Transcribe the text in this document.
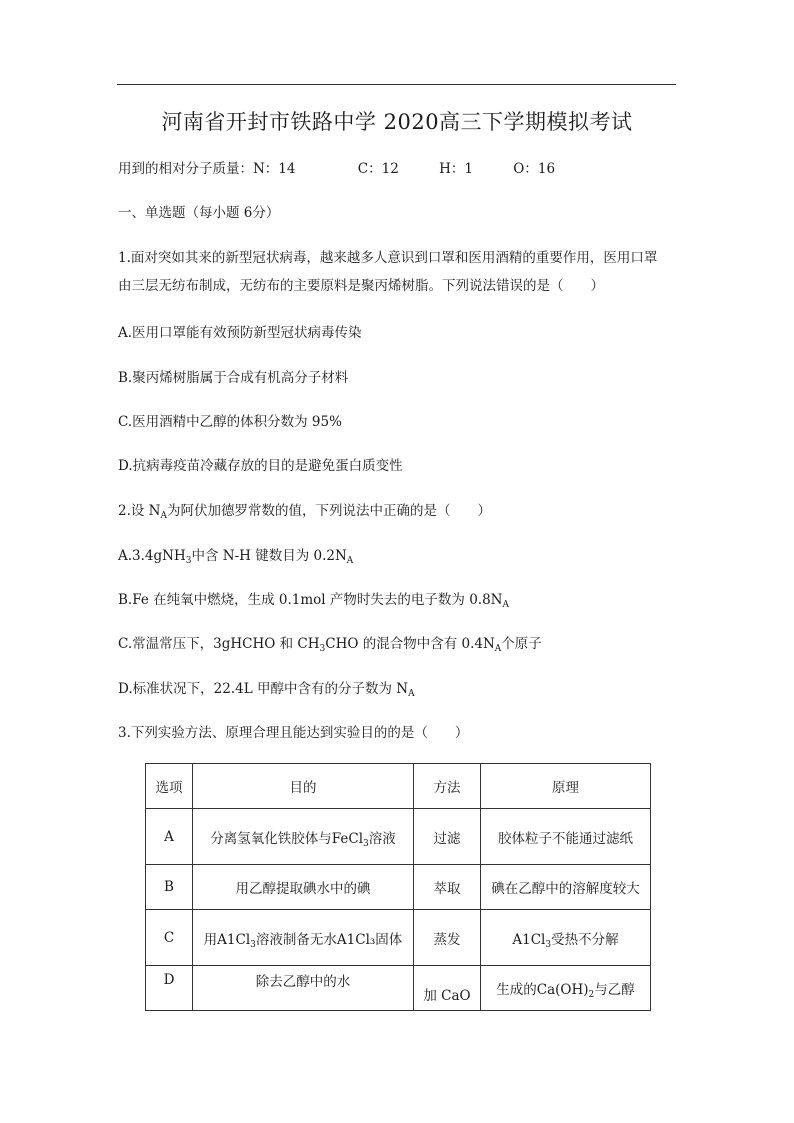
河南省开封市铁路中学 2020高三下学期模拟考试
用到的相对分子质量：N：14	C：12	H：1	O：16
一、单选题（每小题 6分）
1.面对突如其来的新型冠状病毒，越来越多人意识到口罩和医用酒精的重要作用，医用口罩
由三层无纺布制成，无纺布的主要原料是聚丙烯树脂。下列说法错误的是（　　）
A.医用口罩能有效预防新型冠状病毒传染
B.聚丙烯树脂属于合成有机高分子材料
C.医用酒精中乙醇的体积分数为 95%
D.抗病毒疫苗冷藏存放的目的是避免蛋白质变性
2.设 $N_A$为阿伏加德罗常数的值，下列说法中正确的是（　　）
A.3.4gNH$_3$中含 N-H 键数目为 $0.2N_A$
B.Fe 在纯氧中燃烧，生成 0.1mol 产物时失去的电子数为 $0.8N_A$
C.常温常压下，3gHCHO 和 $CH_3CHO$ 的混合物中含有 $0.4N_A$个原子
D.标准状况下，22.4L 甲醇中含有的分子数为 $N_A$
3.下列实验方法、原理合理且能达到实验目的的是（　　）
选项	目的	方法	原理
A	分离氢氧化铁胶体与FeCl$_3$溶液	过滤	胶体粒子不能通过滤纸
B	用乙醇提取碘水中的碘	萃取	碘在乙醇中的溶解度较大
C	用$A1Cl_3$溶液制备无水A1Cl₃固体	蒸发	$A1Cl_3$受热不分解
D	除去乙醇中的水	加 CaO	生成的$Ca(OH)_2$与乙醇
